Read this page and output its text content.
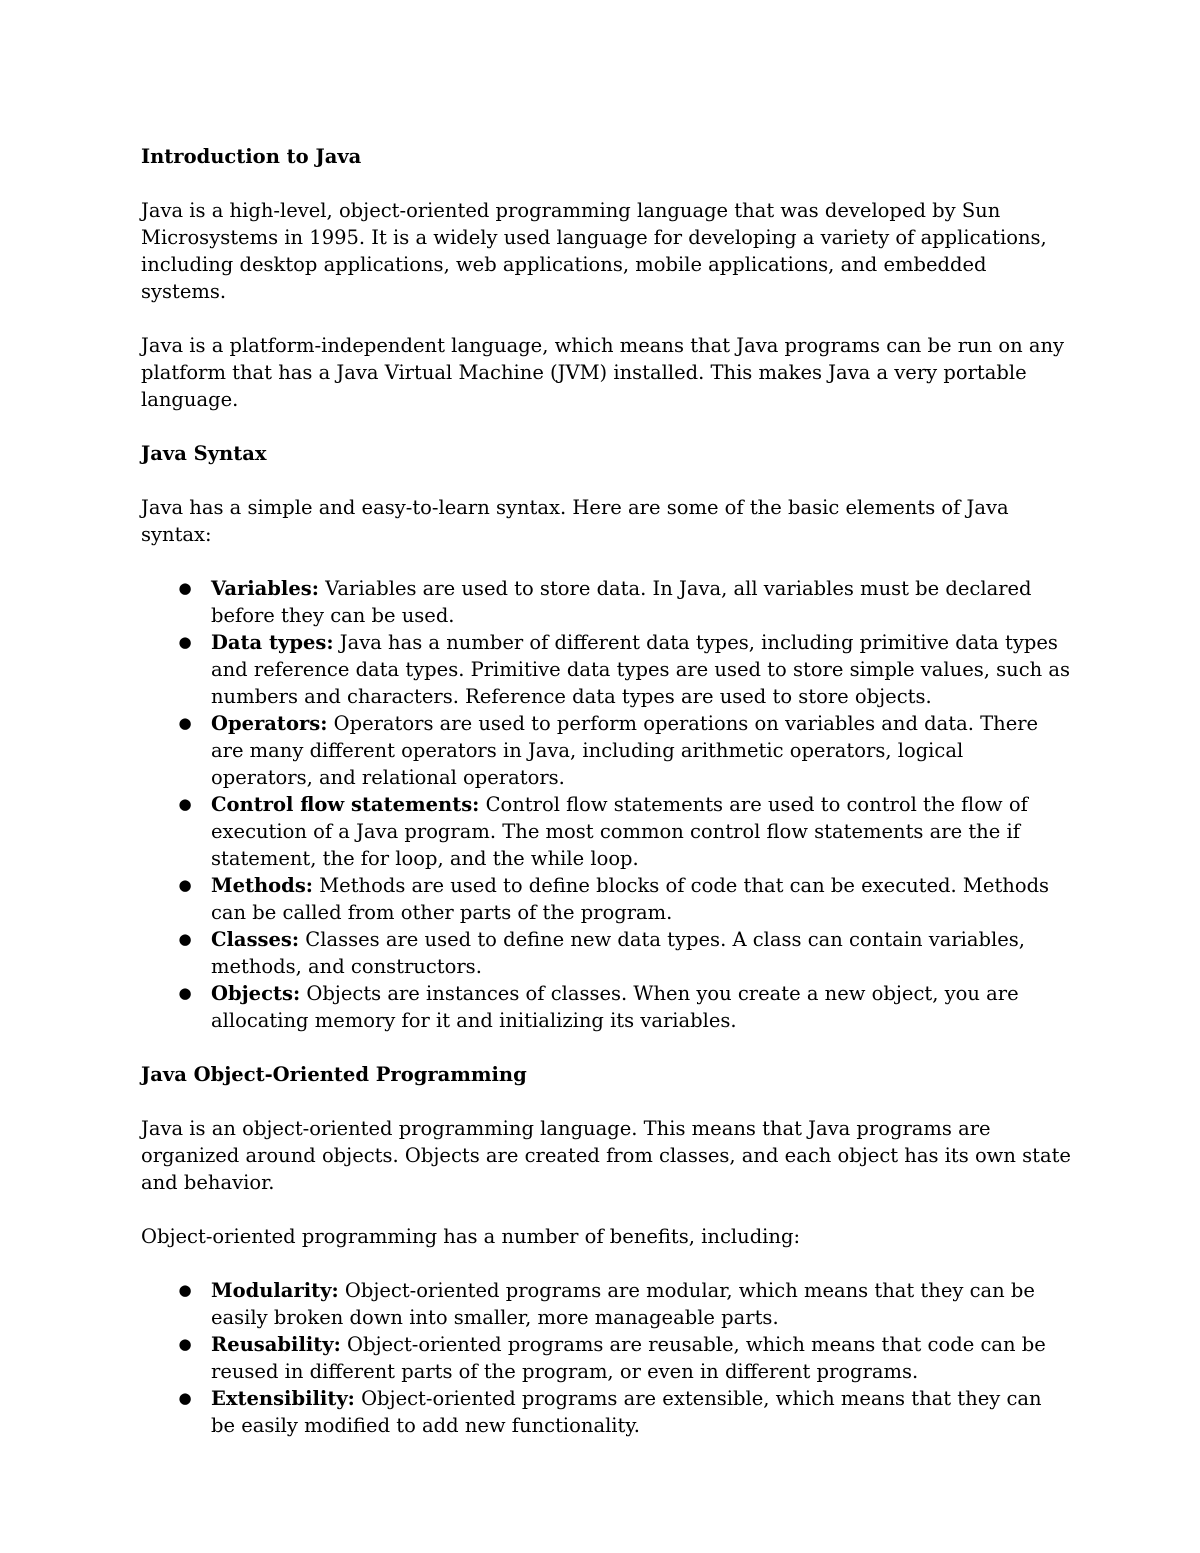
Introduction to Java

Java is a high-level, object-oriented programming language that was developed by Sun Microsystems in 1995. It is a widely used language for developing a variety of applications, including desktop applications, web applications, mobile applications, and embedded systems.

Java is a platform-independent language, which means that Java programs can be run on any platform that has a Java Virtual Machine (JVM) installed. This makes Java a very portable language.

Java Syntax

Java has a simple and easy-to-learn syntax. Here are some of the basic elements of Java syntax:

● Variables: Variables are used to store data. In Java, all variables must be declared before they can be used.
● Data types: Java has a number of different data types, including primitive data types and reference data types. Primitive data types are used to store simple values, such as numbers and characters. Reference data types are used to store objects.
● Operators: Operators are used to perform operations on variables and data. There are many different operators in Java, including arithmetic operators, logical operators, and relational operators.
● Control flow statements: Control flow statements are used to control the flow of execution of a Java program. The most common control flow statements are the if statement, the for loop, and the while loop.
● Methods: Methods are used to define blocks of code that can be executed. Methods can be called from other parts of the program.
● Classes: Classes are used to define new data types. A class can contain variables, methods, and constructors.
● Objects: Objects are instances of classes. When you create a new object, you are allocating memory for it and initializing its variables.
Java Object-Oriented Programming

Java is an object-oriented programming language. This means that Java programs are organized around objects. Objects are created from classes, and each object has its own state and behavior.

Object-oriented programming has a number of benefits, including:

● Modularity: Object-oriented programs are modular, which means that they can be easily broken down into smaller, more manageable parts.
● Reusability: Object-oriented programs are reusable, which means that code can be reused in different parts of the program, or even in different programs.
● Extensibility: Object-oriented programs are extensible, which means that they can be easily modified to add new functionality.
